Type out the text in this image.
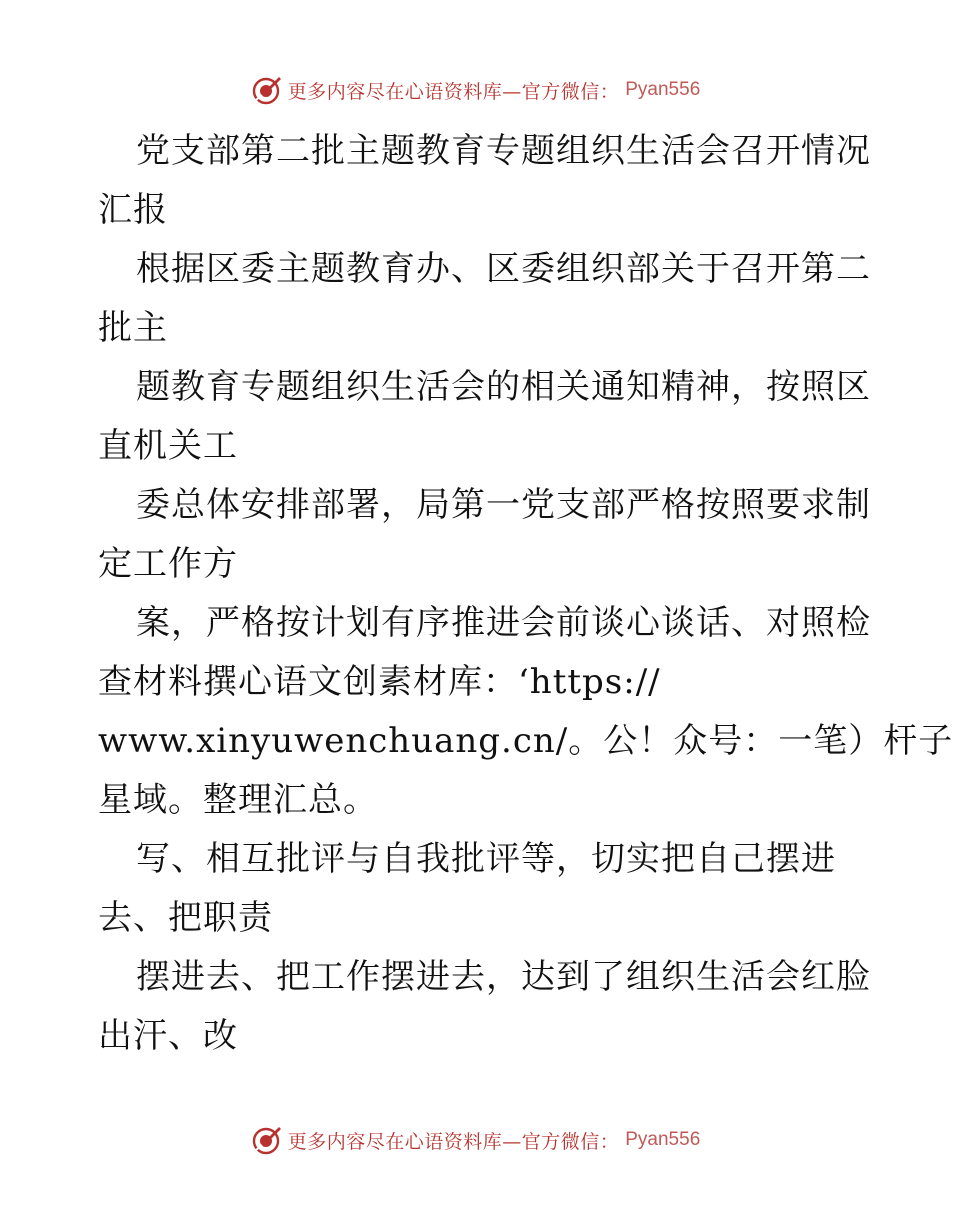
更多内容尽在心语资料库—官方微信： Pyan556
党支部第二批主题教育专题组织生活会召开情况
汇报
根据区委主题教育办、区委组织部关于召开第二
批主
题教育专题组织生活会的相关通知精神，按照区
直机关工
委总体安排部署，局第一党支部严格按照要求制
定工作方
案，严格按计划有序推进会前谈心谈话、对照检
查材料撰心语文创素材库：‘https://
www.xinyuwenchuang.cn/。公！众号：一笔）杆子
星域。整理汇总。
写、相互批评与自我批评等，切实把自己摆进
去、把职责
摆进去、把工作摆进去，达到了组织生活会红脸
出汗、改
更多内容尽在心语资料库—官方微信： Pyan556
